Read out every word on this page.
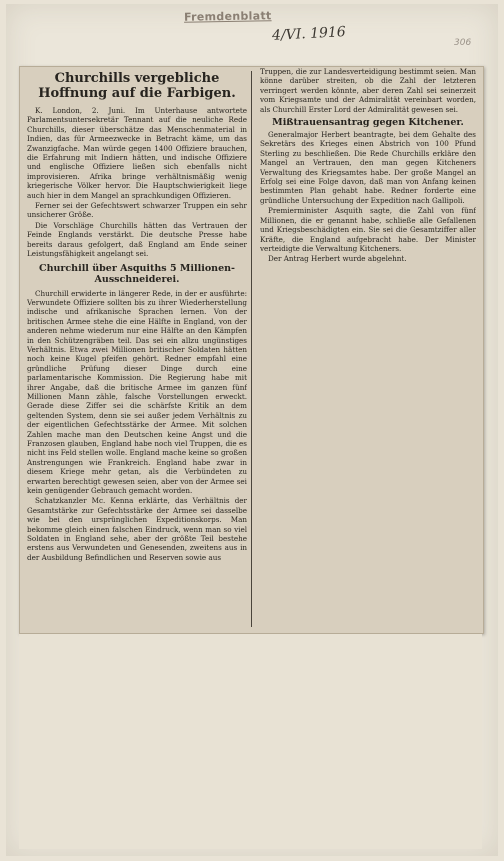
Fremdenblatt
4/VI. 1916	306
Churchills vergebliche Hoffnung auf die Farbigen.

K. London, 2. Juni. Im Unterhause antwortete Parlamentsuntersekretär Tennant auf die neuliche Rede Churchills, dieser überschätze das Menschenmaterial in Indien, das für Armeezwecke in Betracht käme, um das Zwanzigfache. Man würde gegen 1400 Offiziere brauchen, die Erfahrung mit Indiern hätten, und indische Offiziere und englische Offiziere ließen sich ebenfalls nicht improvisieren. Afrika bringe verhältnismäßig wenig kriegerische Völker hervor. Die Hauptschwierigkeit liege auch hier in dem Mangel an sprachkundigen Offizieren.

Ferner sei der Gefechtswert schwarzer Truppen ein sehr unsicherer Größe.

Die Vorschläge Churchills hätten das Vertrauen der Feinde Englands verstärkt. Die deutsche Presse habe bereits daraus gefolgert, daß England am Ende seiner Leistungsfähigkeit angelangt sei.

Churchill über Asquiths 5 Millionen-Ausschneiderei.

Churchill erwiderte in längerer Rede, in der er ausführte: Verwundete Offiziere sollten bis zu ihrer Wiederherstellung indische und afrikanische Sprachen lernen. Von der britischen Armee stehe die eine Hälfte in England, von der anderen nehme wiederum nur eine Hälfte an den Kämpfen in den Schützengräben teil. Das sei ein allzu ungünstiges Verhältnis. Etwa zwei Millionen britischer Soldaten hätten noch keine Kugel pfeifen gehört. Redner empfahl eine gründliche Prüfung dieser Dinge durch eine parlamentarische Kommission. Die Regierung habe mit ihrer Angabe, daß die britische Armee im ganzen fünf Millionen Mann zähle, falsche Vorstellungen erweckt. Gerade diese Ziffer sei die schärfste Kritik an dem geltenden System, denn sie sei außer jedem Verhältnis zu der eigentlichen Gefechtsstärke der Armee. Mit solchen Zahlen mache man den Deutschen keine Angst und die Franzosen glauben, England habe noch viel Truppen, die es nicht ins Feld stellen wolle. England mache keine so großen Anstrengungen wie Frankreich. England habe zwar in diesem Kriege mehr getan, als die Verbündeten zu erwarten berechtigt gewesen seien, aber von der Armee sei kein genügender Gebrauch gemacht worden.

Schatzkanzler Mc. Kenna erklärte, das Verhältnis der Gesamtstärke zur Gefechtsstärke der Armee sei dasselbe wie bei den ursprünglichen Expeditionskorps. Man bekomme gleich einen falschen Eindruck, wenn man so viel Soldaten in England sehe, aber der größte Teil bestehe erstens aus Verwundeten und Genesenden, zweitens aus in der Ausbildung Befindlichen und Reserven sowie aus

Truppen, die zur Landesverteidigung bestimmt seien. Man könne darüber streiten, ob die Zahl der letzteren verringert werden könnte, aber deren Zahl sei seinerzeit vom Kriegsamte und der Admiralität vereinbart worden, als Churchill Erster Lord der Admiralität gewesen sei.

Mißtrauensantrag gegen Kitchener.

Generalmajor Herbert beantragte, bei dem Gehalte des Sekretärs des Krieges einen Abstrich von 100 Pfund Sterling zu beschließen. Die Rede Churchills erkläre den Mangel an Vertrauen, den man gegen Kitcheners Verwaltung des Kriegsamtes habe. Der große Mangel an Erfolg sei eine Folge davon, daß man von Anfang keinen bestimmten Plan gehabt habe. Redner forderte eine gründliche Untersuchung der Expedition nach Gallipoli.

Premierminister Asquith sagte, die Zahl von fünf Millionen, die er genannt habe, schließe alle Gefallenen und Kriegsbeschädigten ein. Sie sei die Gesamtziffer aller Kräfte, die England aufgebracht habe. Der Minister verteidigte die Verwaltung Kitcheners.

Der Antrag Herbert wurde abgelehnt.
